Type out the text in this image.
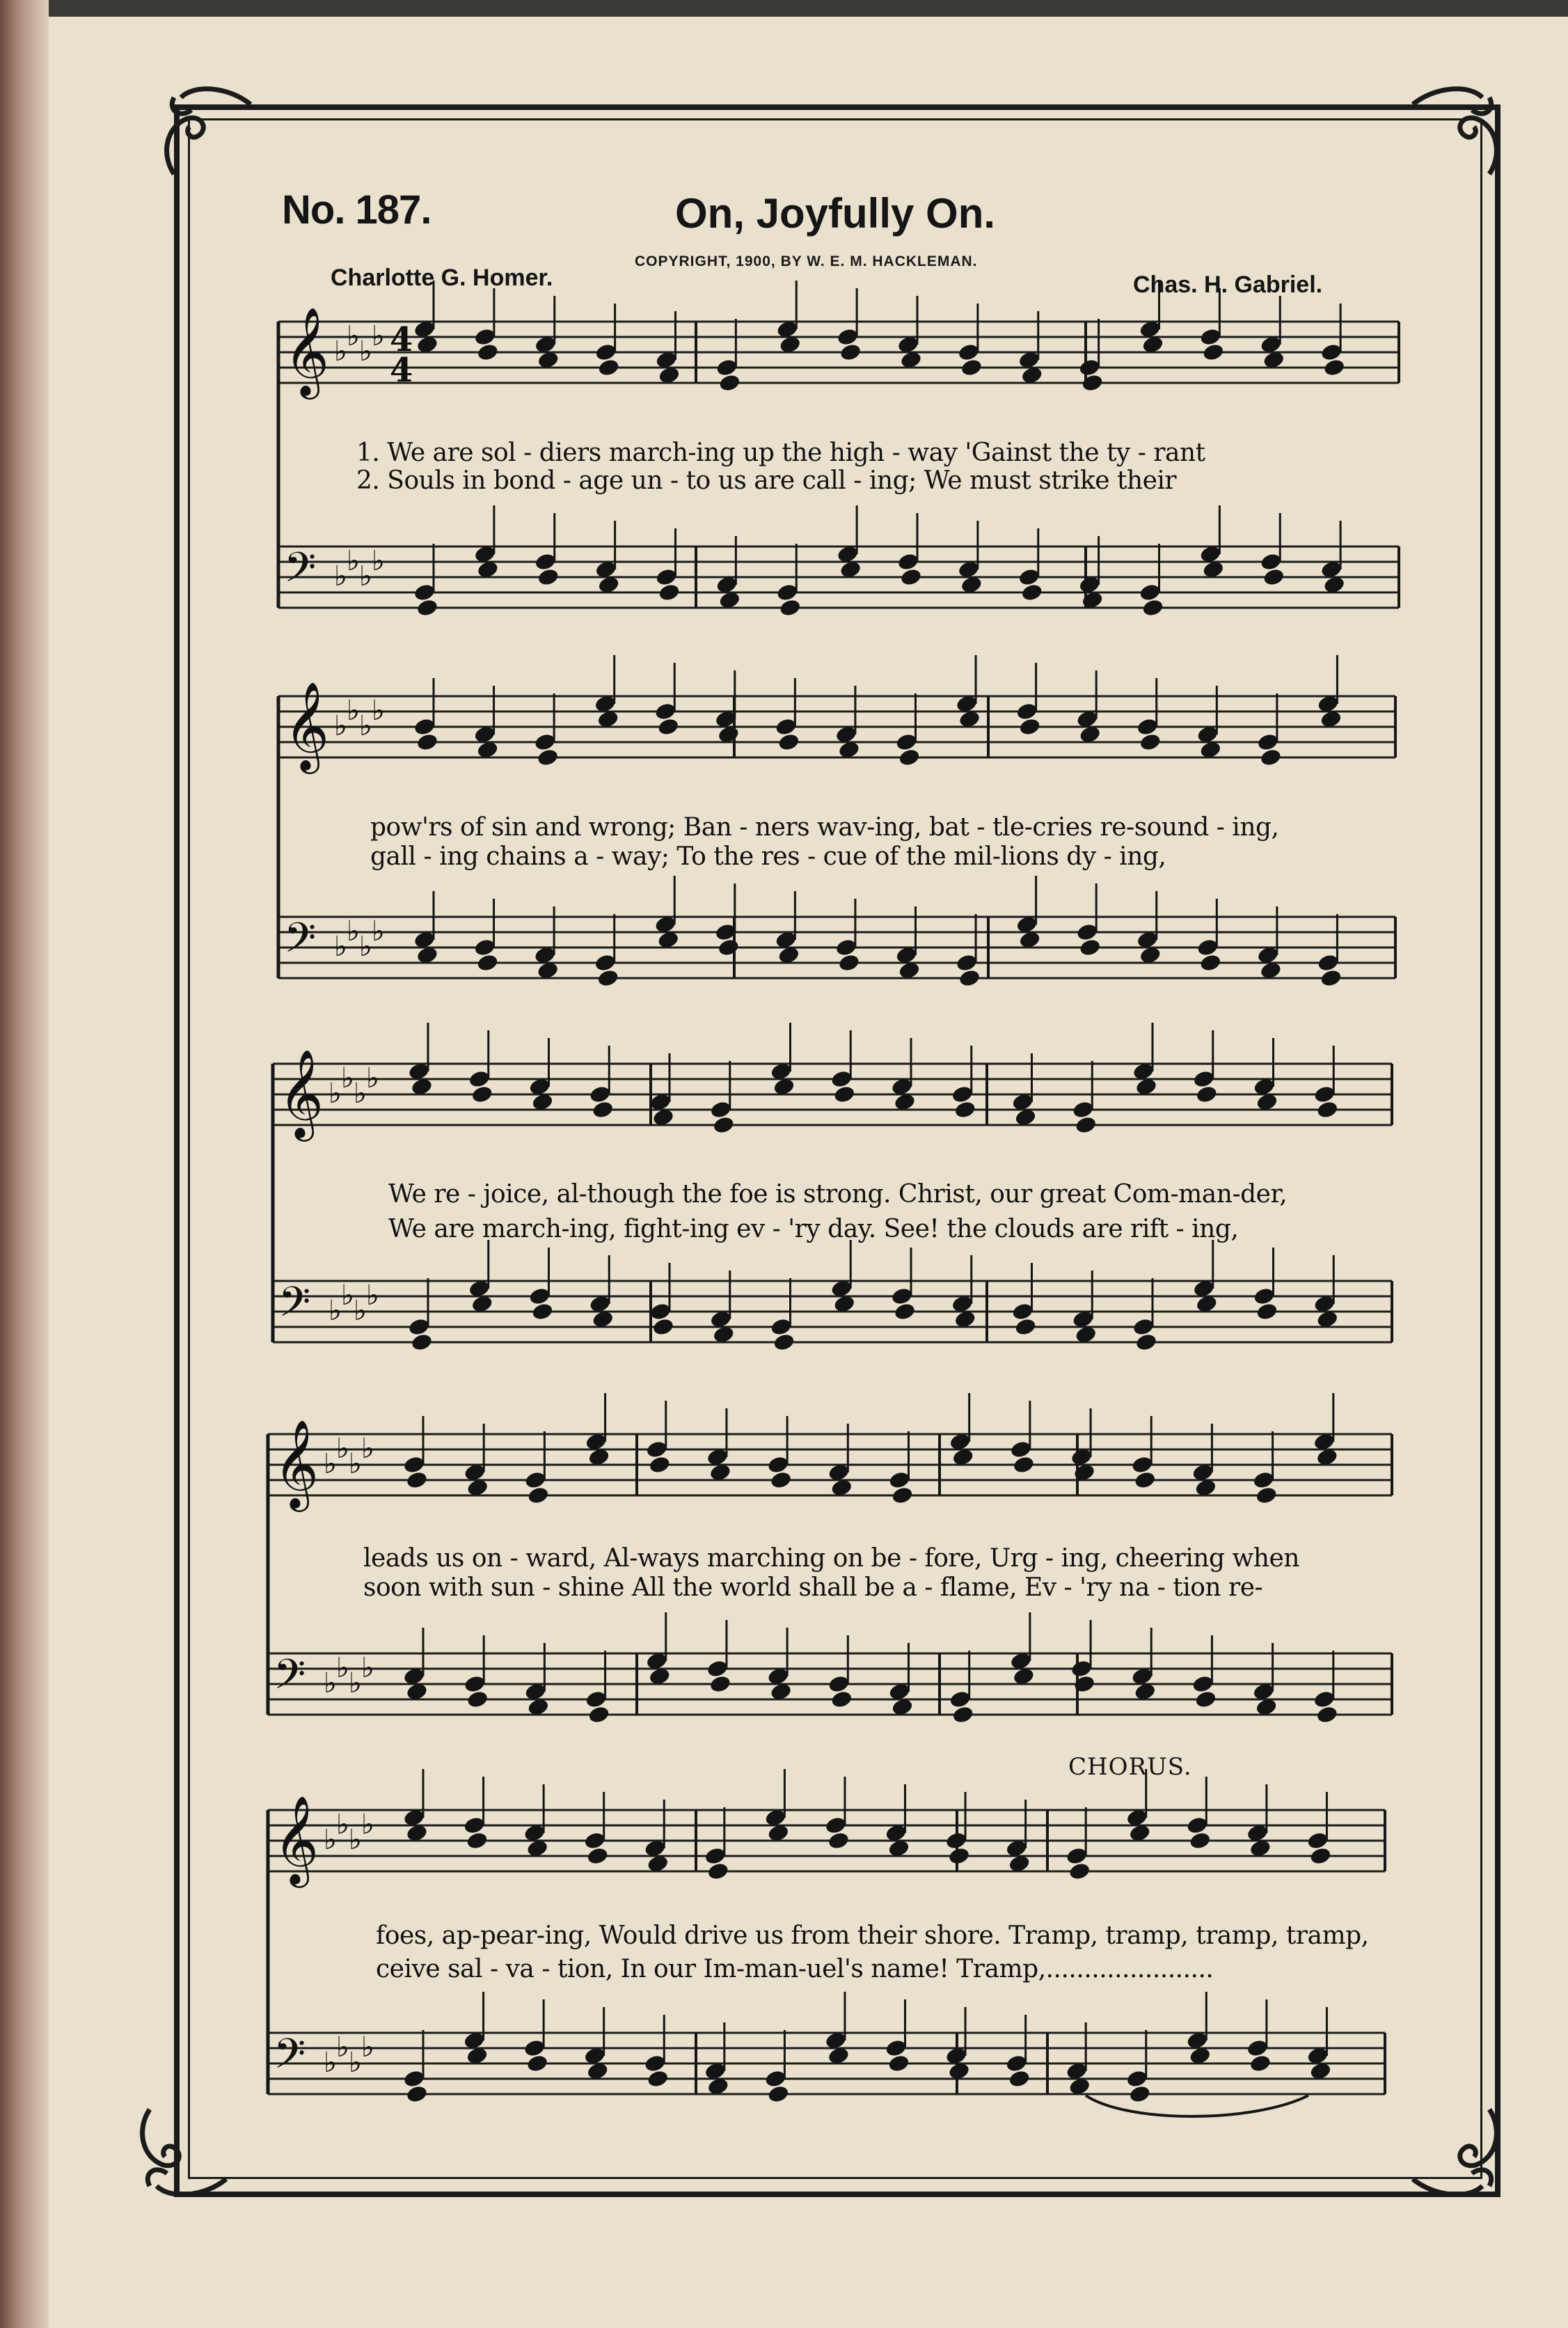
No. 187.	On, Joyfully On.
COPYRIGHT, 1900, BY W. E. M. HACKLEMAN.
Charlotte G. Homer.	Chas. H. Gabriel.
𝄞 ♭ ♭ ♭ ♭
𝄢 ♭ ♭ ♭ ♭
4
4
𝄞 ♭ ♭ ♭ ♭
𝄢 ♭ ♭ ♭ ♭
𝄞 ♭ ♭ ♭ ♭
𝄢 ♭ ♭ ♭ ♭
𝄞 ♭ ♭ ♭ ♭
𝄢 ♭ ♭ ♭ ♭
𝄞 ♭ ♭ ♭ ♭
𝄢 ♭ ♭ ♭ ♭
1. We are sol - diers march-ing up the high - way 'Gainst the ty - rant
2. Souls in bond - age un - to us are call - ing; We must strike their
pow'rs of sin and wrong; Ban - ners wav-ing, bat - tle-cries re-sound - ing,
gall - ing chains a - way; To the res - cue of the mil-lions dy - ing,
We re - joice, al-though the foe is strong. Christ, our great Com-man-der,
We are march-ing, fight-ing ev - 'ry day. See! the clouds are rift - ing,
leads us on - ward, Al-ways marching on be - fore, Urg - ing, cheering when
soon with sun - shine All the world shall be a - flame, Ev - 'ry na - tion re-
CHORUS.
foes, ap-pear-ing, Would drive us from their shore. Tramp, tramp, tramp, tramp,
ceive sal - va - tion, In our Im-man-uel's name! Tramp,......................
